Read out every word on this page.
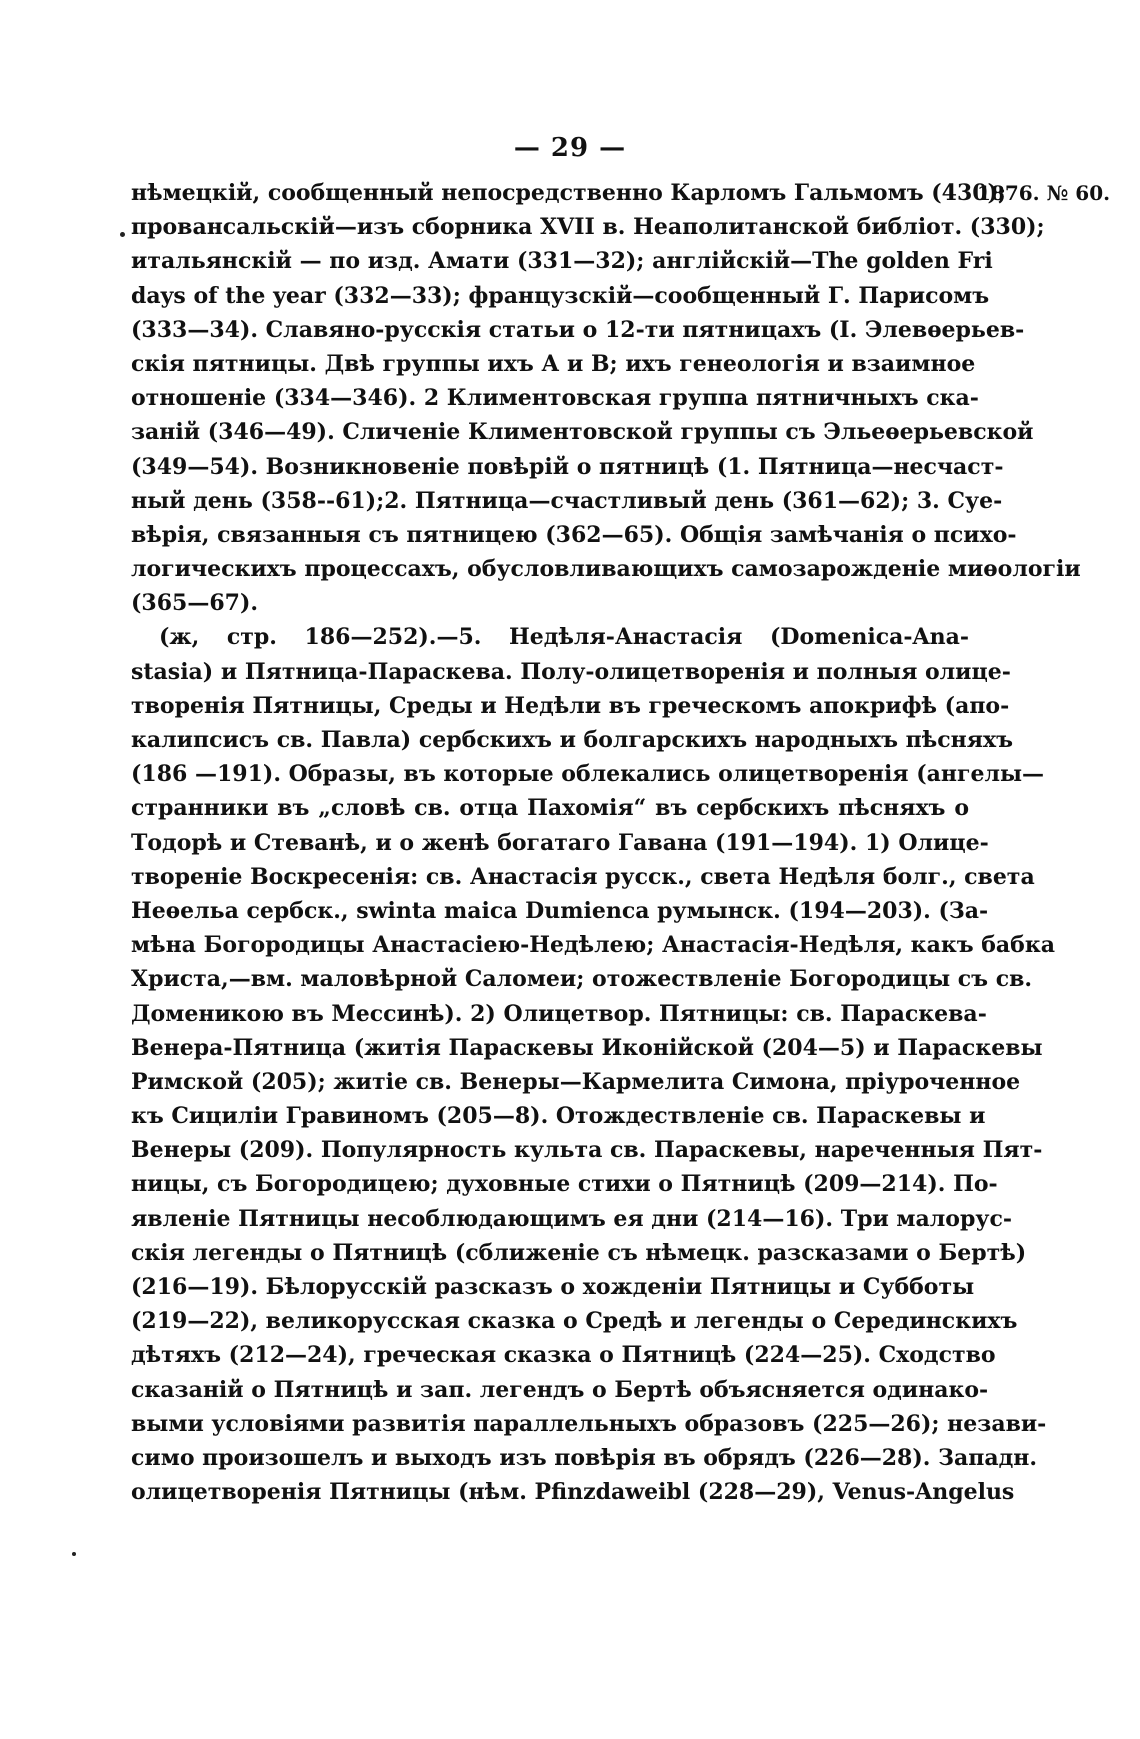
— 29 —
1876. № 60.
нѣмецкій, сообщенный непосредственно Карломъ Гальмомъ (430);
провансальскій—изъ сборника XVII в. Неаполитанской библіот. (330);
итальянскій — по изд. Амати (331—32); англійскій—The golden Fri
days of the year (332—33); французскій—сообщенный Г. Парисомъ
(333—34). Славяно-русскія статьи о 12-ти пятницахъ (I. Элевѳерьев-
скія пятницы. Двѣ группы ихъ А и В; ихъ генеологія и взаимное
отношеніе (334—346). 2 Климентовская группа пятничныхъ ска-
заній (346—49). Сличеніе Климентовской группы съ Эльеѳерьевской
(349—54). Возникновеніе повѣрій о пятницѣ (1. Пятница—несчаст-
ный день (358--61);2. Пятница—счастливый день (361—62); 3. Суе-
вѣрія, связанныя съ пятницею (362—65). Общія замѣчанія о психо-
логическихъ процессахъ, обусловливающихъ самозарожденіе миѳологіи
(365—67).
(ж, стр. 186—252).—5. Недѣля-Анастасія (Domenica-Ana-
stasia) и Пятница-Параскева. Полу-олицетворенія и полныя олице-
творенія Пятницы, Среды и Недѣли въ греческомъ апокрифѣ (апо-
калипсисъ св. Павла) сербскихъ и болгарскихъ народныхъ пѣсняхъ
(186 —191). Образы, въ которые облекались олицетворенія (ангелы—
странники въ „словѣ св. отца Пахомія“ въ сербскихъ пѣсняхъ о
Тодорѣ и Стеванѣ, и о женѣ богатаго Гавана (191—194). 1) Олице-
твореніе Воскресенія: св. Анастасія русск., света Недѣля болг., света
Неѳельа сербск., swinta maica Dumienca румынск. (194—203). (За-
мѣна Богородицы Анастасіею-Недѣлею; Анастасія-Недѣля, какъ бабка
Христа,—вм. маловѣрной Саломеи; отожествленіе Богородицы съ св.
Доменикою въ Мессинѣ). 2) Олицетвор. Пятницы: св. Параскева-
Венера-Пятница (житія Параскевы Иконійской (204—5) и Параскевы
Римской (205); житіе св. Венеры—Кармелита Симона, пріуроченное
къ Сициліи Гравиномъ (205—8). Отождествленіе св. Параскевы и
Венеры (209). Популярность культа св. Параскевы, нареченныя Пят-
ницы, съ Богородицею; духовные стихи о Пятницѣ (209—214). По-
явленіе Пятницы несоблюдающимъ ея дни (214—16). Три малорус-
скія легенды о Пятницѣ (сближеніе съ нѣмецк. разсказами о Бертѣ)
(216—19). Бѣлорусскій разсказъ о хожденіи Пятницы и Субботы
(219—22), великорусская сказка о Средѣ и легенды о Серединскихъ
дѣтяхъ (212—24), греческая сказка о Пятницѣ (224—25). Сходство
сказаній о Пятницѣ и зап. легендъ о Бертѣ объясняется одинако-
выми условіями развитія параллельныхъ образовъ (225—26); незави-
симо произошелъ и выходъ изъ повѣрія въ обрядъ (226—28). Западн.
олицетворенія Пятницы (нѣм. Pfinzdaweibl (228—29), Venus-Angelus
